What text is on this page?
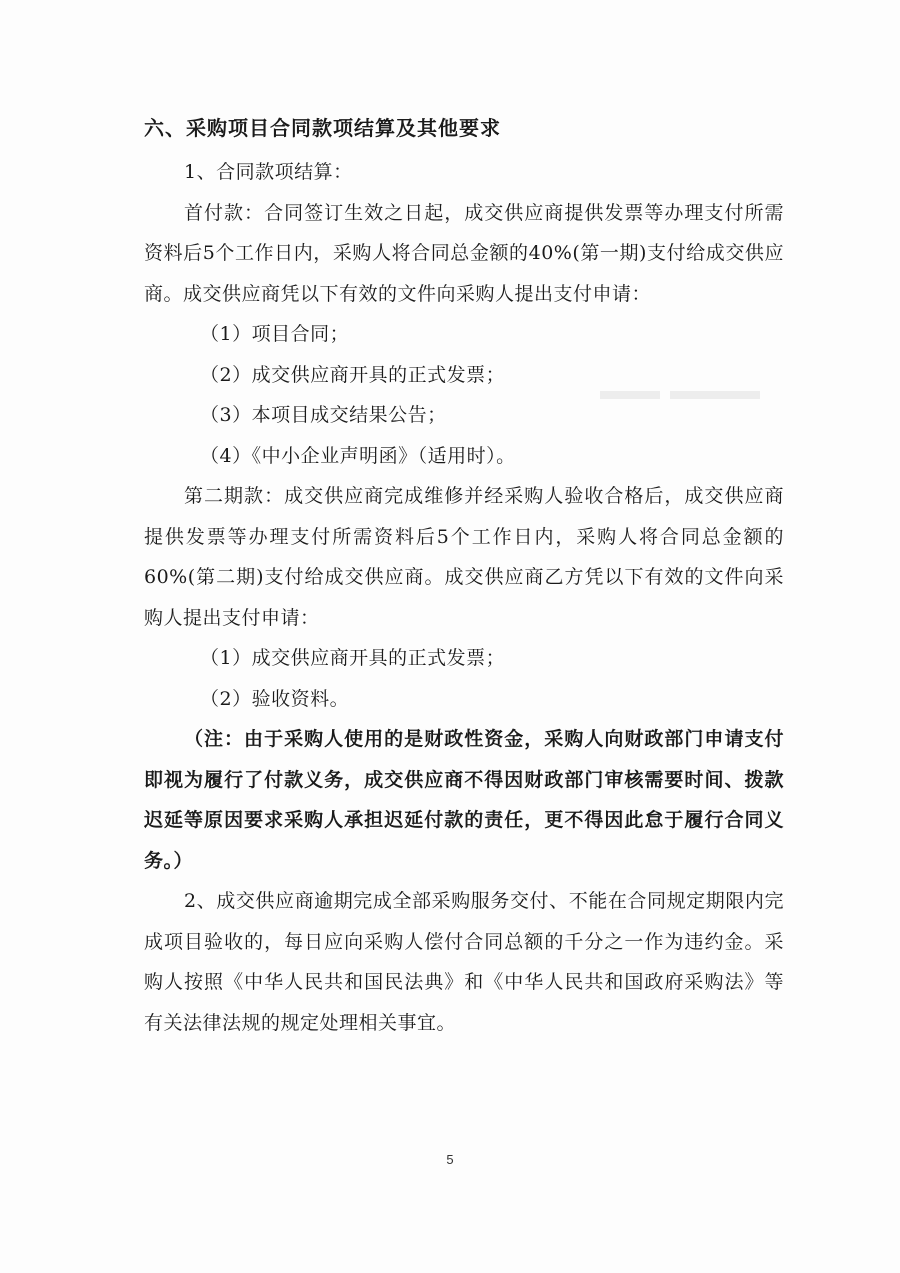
六、采购项目合同款项结算及其他要求

1、合同款项结算：

首付款：合同签订生效之日起，成交供应商提供发票等办理支付所需资料后5个工作日内，采购人将合同总金额的40%(第一期)支付给成交供应商。成交供应商凭以下有效的文件向采购人提出支付申请：

（1）项目合同；

（2）成交供应商开具的正式发票；

（3）本项目成交结果公告；

（4）《中小企业声明函》（适用时）。

第二期款：成交供应商完成维修并经采购人验收合格后，成交供应商提供发票等办理支付所需资料后5个工作日内，采购人将合同总金额的60%(第二期)支付给成交供应商。成交供应商乙方凭以下有效的文件向采购人提出支付申请：

（1）成交供应商开具的正式发票；

（2）验收资料。

（注：由于采购人使用的是财政性资金，采购人向财政部门申请支付即视为履行了付款义务，成交供应商不得因财政部门审核需要时间、拨款迟延等原因要求采购人承担迟延付款的责任，更不得因此怠于履行合同义务。）

2、成交供应商逾期完成全部采购服务交付、不能在合同规定期限内完成项目验收的，每日应向采购人偿付合同总额的千分之一作为违约金。采购人按照《中华人民共和国民法典》和《中华人民共和国政府采购法》等有关法律法规的规定处理相关事宜。

5
